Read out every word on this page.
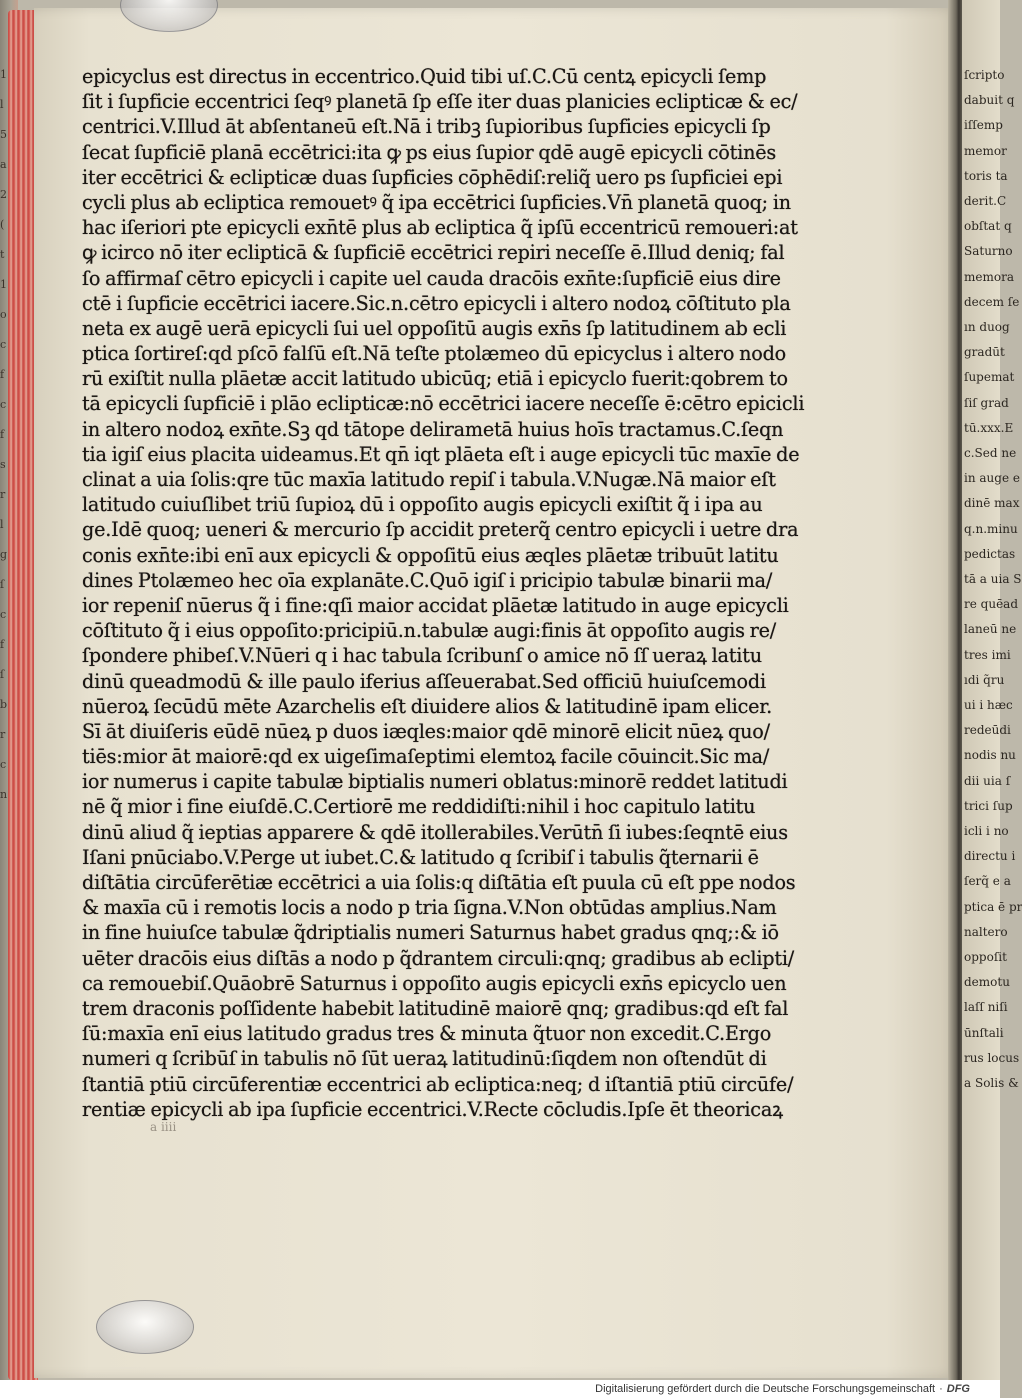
1
l
5
a
2
(
t
1
o
c
f
c
f
s
r
l
g
ſ
c
f
ſ
b
r
c
n
ſcripto
dabuit q
iſſemp
memor
toris ta
derit.C
obſtat q
Saturno
memora
decem ſe
ın duog
gradūt
ſupemat
ſiſ grad
tū.xxx.E
c.Sed ne
in auge e
dinē max
q.n.minu
pedictas
tā a uia S
re quēad
laneū ne
tres imi
ıdi q̃ru
ui i hæc
redeūdi
nodis nu
dii uia ſ
trici ſup
icli i no
directu i
ſerq̃ e a
ptica ē pr
naltero
oppoſit
demotu
laſſ niſi
ūnſtali
rus locus
a Solis &
epicyclus est directus in eccentrico.Quid tibi uſ.C.Cū centꝝ epicycli ſemp
ſit i ſupficie eccentrici ſeqꝰ planetā ſp eſſe iter duas planicies eclipticæ & ec/
centrici.V.Illud āt abſentaneū eſt.Nā i tribꝫ ſupioribus ſupficies epicycli ſp
ſecat ſupficiē planā eccētrici:ita ꝙ ps eius ſupior qdē augē epicycli cōtinēs
iter eccētrici & eclipticæ duas ſupficies cōphēdiſ:reliq̃ uero ps ſupficiei epi
cycli plus ab ecliptica remouetꝰ q̃ ipa eccētrici ſupficies.Vn̄ planetā quoq; in
hac iſeriori pte epicycli exn̄tē plus ab ecliptica q̃ ipſū eccentricū remoueri:at
ꝙ icirco nō iter eclipticā & ſupficiē eccētrici repiri neceſſe ē.Illud deniq; fal
ſo affirmaſ cētro epicycli i capite uel cauda dracōis exn̄te:ſupficiē eius dire
ctē i ſupficie eccētrici iacere.Sic.n.cētro epicycli i altero nodoꝝ cōſtituto pla
neta ex augē uerā epicycli ſui uel oppoſitū augis exn̄s ſp latitudinem ab ecli
ptica ſortireſ:qd pſcō falſū eſt.Nā teſte ptolæmeo dū epicyclus i altero nodo
rū exiſtit nulla plāetæ accit latitudo ubicūq; etiā i epicyclo fuerit:qobrem to
tā epicycli ſupficiē i plāo eclipticæ:nō eccētrici iacere neceſſe ē:cētro epicicli
in altero nodoꝝ exn̄te.Sꝫ qd tātope delirametā huius hoīs tractamus.C.ſeqn
tia igiſ eius placita uideamus.Et qn̄ iqt plāeta eſt i auge epicycli tūc maxīe de
clinat a uia ſolis:qre tūc maxīa latitudo repiſ i tabula.V.Nugæ.Nā maior eſt
latitudo cuiuſlibet triū ſupioꝝ dū i oppoſito augis epicycli exiſtit q̃ i ipa au
ge.Idē quoq; ueneri & mercurio ſp accidit preterq̃ centro epicycli i uetre dra
conis exn̄te:ibi enī aux epicycli & oppoſitū eius æqles plāetæ tribuūt latitu
dines Ptolæmeo hec oīa explanāte.C.Quō igiſ i pricipio tabulæ binarii ma/
ior repeniſ nūerus q̃ i fine:qſi maior accidat plāetæ latitudo in auge epicycli
cōſtituto q̃ i eius oppoſito:pricipiū.n.tabulæ augi:finis āt oppoſito augis re/
ſpondere phibeſ.V.Nūeri q i hac tabula ſcribunſ o amice nō ſſ ueraꝝ latitu
dinū queadmodū & ille paulo iferius aſſeuerabat.Sed officiū huiuſcemodi
nūeroꝝ ſecūdū mēte Azarchelis eſt diuidere alios & latitudinē ipam elicer.
Sī āt diuiſeris eūdē nūeꝝ p duos iæqles:maior qdē minorē elicit nūeꝝ quo/
tiēs:mior āt maiorē:qd ex uigeſimaſeptimi elemtoꝝ facile cōuincit.Sic ma/
ior numerus i capite tabulæ biptialis numeri oblatus:minorē reddet latitudi
nē q̃ mior i fine eiuſdē.C.Certiorē me reddidiſti:nihil i hoc capitulo latitu
dinū aliud q̃ ieptias apparere & qdē itollerabiles.Verūtn̄ ſi iubes:ſeqntē eius
Iſani pnūciabo.V.Perge ut iubet.C.& latitudo q ſcribiſ i tabulis q̃ternarii ē
diſtātia circūferētiæ eccētrici a uia ſolis:q diſtātia eſt puula cū eſt ppe nodos
& maxīa cū i remotis locis a nodo p tria ſigna.V.Non obtūdas amplius.Nam
in fine huiuſce tabulæ q̃driptialis numeri Saturnus habet gradus qnq;:& iō
uēter dracōis eius diſtās a nodo p q̃drantem circuli:qnq; gradibus ab eclipti/
ca remouebiſ.Quāobrē Saturnus i oppoſito augis epicycli exn̄s epicyclo uen
trem draconis poſſidente habebit latitudinē maiorē qnq; gradibus:qd eſt fal
ſū:maxīa enī eius latitudo gradus tres & minuta q̃tuor non excedit.C.Ergo
numeri q ſcribūſ in tabulis nō ſūt ueraꝝ latitudinū:ſiqdem non oſtendūt di
ſtantiā ptiū circūferentiæ eccentrici ab ecliptica:neq; d iſtantiā ptiū circūfe/
rentiæ epicycli ab ipa ſupficie eccentrici.V.Recte cōcludis.Ipſe ēt theoricaꝝ
a iiii
Digitalisierung gefördert durch die Deutsche Forschungsgemeinschaft · DFG
